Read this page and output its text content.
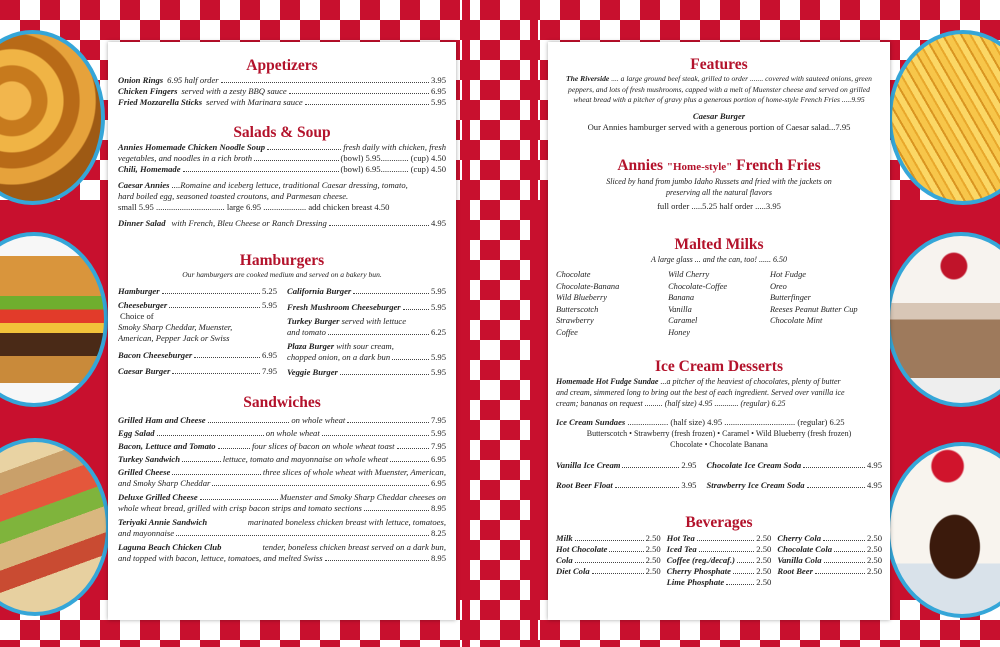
Appetizers
Onion Rings 6.95 half order	3.95
Chicken Fingers served with a zesty BBQ sauce	6.95
Fried Mozzarella Sticks served with Marinara sauce	5.95
Salads & Soup
Annies Homemade Chicken Noodle Soup	fresh daily with chicken, fresh
vegetables, and noodles in a rich broth	(bowl) 5.95............. (cup) 4.50
Chili, Homemade	(bowl) 6.95............. (cup) 4.50
Caesar Annies ....Romaine and iceberg lettuce, traditional Caesar dressing, tomato,
hard boiled egg, seasoned toasted croutons, and Parmesan cheese.
small 5.95 ................................ large 6.95 .................... add chicken breast 4.50
Dinner Salad with French, Bleu Cheese or Ranch Dressing	4.95
Hamburgers
Our hamburgers are cooked medium and served on a bakery bun.
Hamburger	5.25
Cheeseburger	5.95
Choice of
Smoky Sharp Cheddar, Muenster,
American, Pepper Jack or Swiss
Bacon Cheeseburger	6.95
Caesar Burger	7.95
California Burger	5.95
Fresh Mushroom Cheeseburger	5.95
Turkey Burger served with lettuce
and tomato	6.25
Plaza Burger with sour cream,
chopped onion, on a dark bun	5.95
Veggie Burger	5.95
Sandwiches
Grilled Ham and Cheese	on whole wheat	7.95
Egg Salad	on whole wheat	5.95
Bacon, Lettuce and Tomato	four slices of bacon on whole wheat toast	7.95
Turkey Sandwich	lettuce, tomato and mayonnaise on whole wheat	6.95
Grilled Cheese	three slices of whole wheat with Muenster, American,
and Smoky Sharp Cheddar	6.95
Deluxe Grilled Cheese	Muenster and Smoky Sharp Cheddar cheeses on
whole wheat bread, grilled with crisp bacon strips and tomato sections	8.95
Teriyaki Annie Sandwich	marinated boneless chicken breast with lettuce, tomatoes,
and mayonnaise	8.25
Laguna Beach Chicken Club	tender, boneless chicken breast served on a dark bun,
and topped with bacon, lettuce, tomatoes, and melted Swiss	8.95
Features
The Riverside .... a large ground beef steak, grilled to order ....... covered with sauteed onions, green
peppers, and lots of fresh mushrooms, capped with a melt of Muenster cheese and served on grilled
wheat bread with a pitcher of gravy plus a generous portion of home-style French Fries .....9.95
Caesar Burger
Our Annies hamburger served with a generous portion of Caesar salad...7.95
Annies "Home-style" French Fries
Sliced by hand from jumbo Idaho Russets and fried with the jackets on
preserving all the natural flavors
full order .....5.25 half order .....3.95
Malted Milks
A large glass ... and the can, too! ...... 6.50
Chocolate
Chocolate-Banana
Wild Blueberry
Butterscotch
Strawberry
Coffee
Wild Cherry
Chocolate-Coffee
Banana
Vanilla
Caramel
Honey
Hot Fudge
Oreo
Butterfinger
Reeses Peanut Butter Cup
Chocolate Mint
Ice Cream Desserts
Homemade Hot Fudge Sundae ...a pitcher of the heaviest of chocolates, plenty of butter
and cream, simmered long to bring out the best of each ingredient. Served over vanilla ice
cream; bananas on request ......... (half size) 4.95 ............ (regular) 6.25
Ice Cream Sundaes ................... (half size) 4.95 ................................. (regular) 6.25
Butterscotch • Strawberry (fresh frozen) • Caramel • Wild Blueberry (fresh frozen)
Chocolate • Chocolate Banana
Vanilla Ice Cream	2.95
Root Beer Float	3.95
Chocolate Ice Cream Soda	4.95
Strawberry Ice Cream Soda	4.95
Beverages
Milk	2.50
Hot Chocolate	2.50
Cola	2.50
Diet Cola	2.50
Hot Tea	2.50
Iced Tea	2.50
Coffee (reg./decaf.) 2.50
Cherry Phosphate	2.50
Lime Phosphate	2.50
Cherry Cola	2.50
Chocolate Cola	2.50
Vanilla Cola	2.50
Root Beer	2.50
